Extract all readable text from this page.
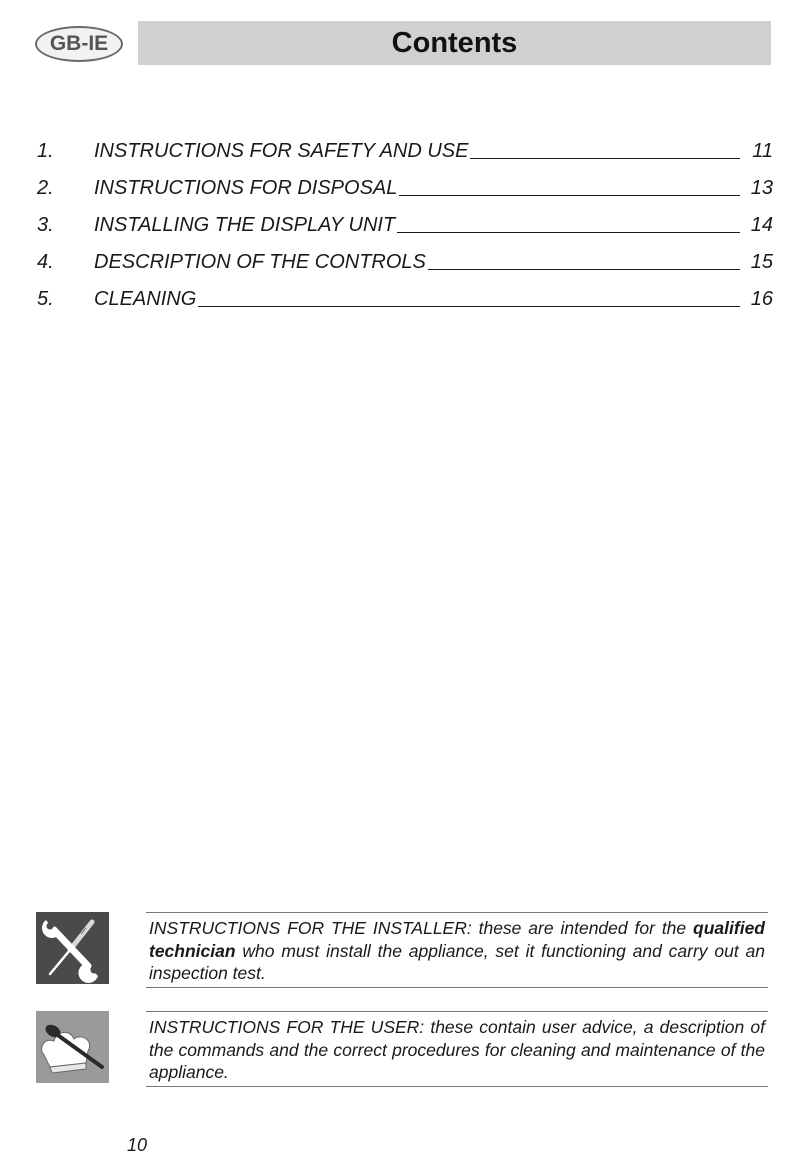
GB-IE	Contents
1.	INSTRUCTIONS FOR SAFETY AND USE	11
2.	INSTRUCTIONS FOR DISPOSAL	13
3.	INSTALLING THE DISPLAY UNIT	14
4.	DESCRIPTION OF THE CONTROLS	15
5.	CLEANING	16
INSTRUCTIONS FOR THE INSTALLER: these are intended for the qualified technician who must install the appliance, set it functioning and carry out an inspection test.
INSTRUCTIONS FOR THE USER: these contain user advice, a description of the commands and the correct procedures for cleaning and maintenance of the appliance.
10
